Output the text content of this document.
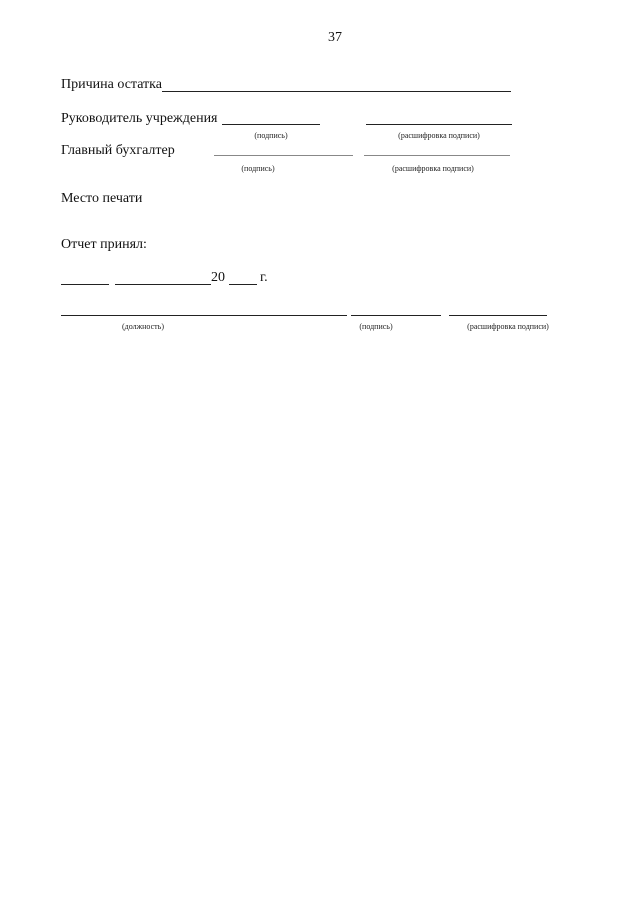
37
Причина остатка
Руководитель учреждения
(подпись)	(расшифровка подписи)
Главный бухгалтер
(подпись)	(расшифровка подписи)
Место печати
Отчет принял:
20	г.
(должность)	(подпись)	(расшифровка подписи)
